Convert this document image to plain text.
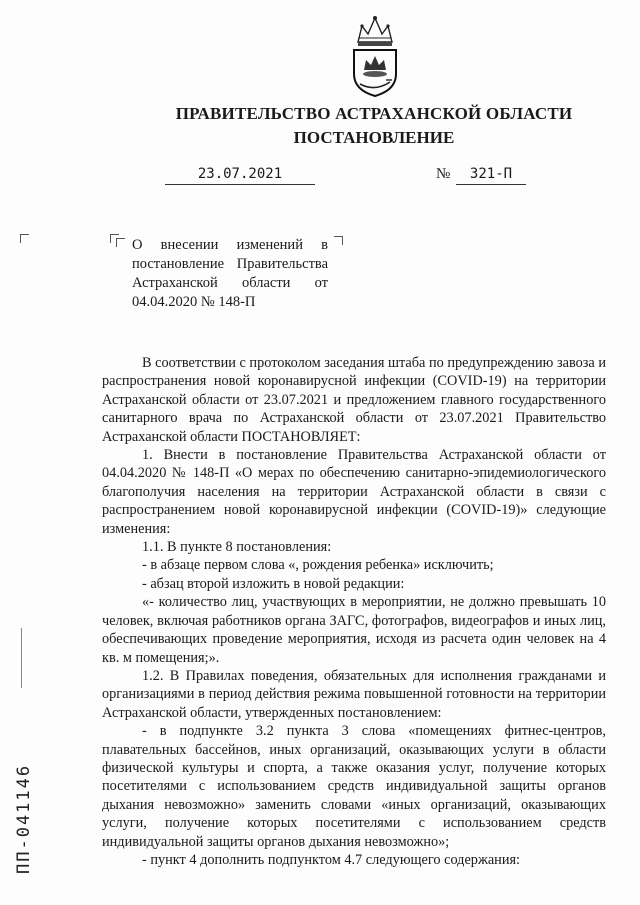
ПРАВИТЕЛЬСТВО АСТРАХАНСКОЙ ОБЛАСТИ
ПОСТАНОВЛЕНИЕ
23.07.2021	№	321-П

О внесении изменений в

постановление Правительства

Астраханской области от

04.04.2020 № 148-П

В соответствии с протоколом заседания штаба по предупреждению завоза и распространения новой коронавирусной инфекции (COVID-19) на территории Астраханской области от 23.07.2021 и предложением главного государственного санитарного врача по Астраханской области от 23.07.2021 Правительство Астраханской области ПОСТАНОВЛЯЕТ:

1. Внести в постановление Правительства Астраханской области от 04.04.2020 № 148-П «О мерах по обеспечению санитарно-эпидемиологического благополучия населения на территории Астраханской области в связи с распространением новой коронавирусной инфекции (COVID-19)» следующие изменения:

1.1. В пункте 8 постановления:

- в абзаце первом слова «, рождения ребенка» исключить;

- абзац второй изложить в новой редакции:

«- количество лиц, участвующих в мероприятии, не должно превышать 10 человек, включая работников органа ЗАГС, фотографов, видеографов и иных лиц, обеспечивающих проведение мероприятия, исходя из расчета один человек на 4 кв. м помещения;».

1.2. В Правилах поведения, обязательных для исполнения гражданами и организациями в период действия режима повышенной готовности на территории Астраханской области, утвержденных постановлением:

- в подпункте 3.2 пункта 3 слова «помещениях фитнес-центров, плавательных бассейнов, иных организаций, оказывающих услуги в области физической культуры и спорта, а также оказания услуг, получение которых посетителями с использованием средств индивидуальной защиты органов дыхания невозможно» заменить словами «иных организаций, оказывающих услуги, получение которых посетителями с использованием средств индивидуальной защиты органов дыхания невозможно»;

- пункт 4 дополнить подпунктом 4.7 следующего содержания:

ПП-041146
